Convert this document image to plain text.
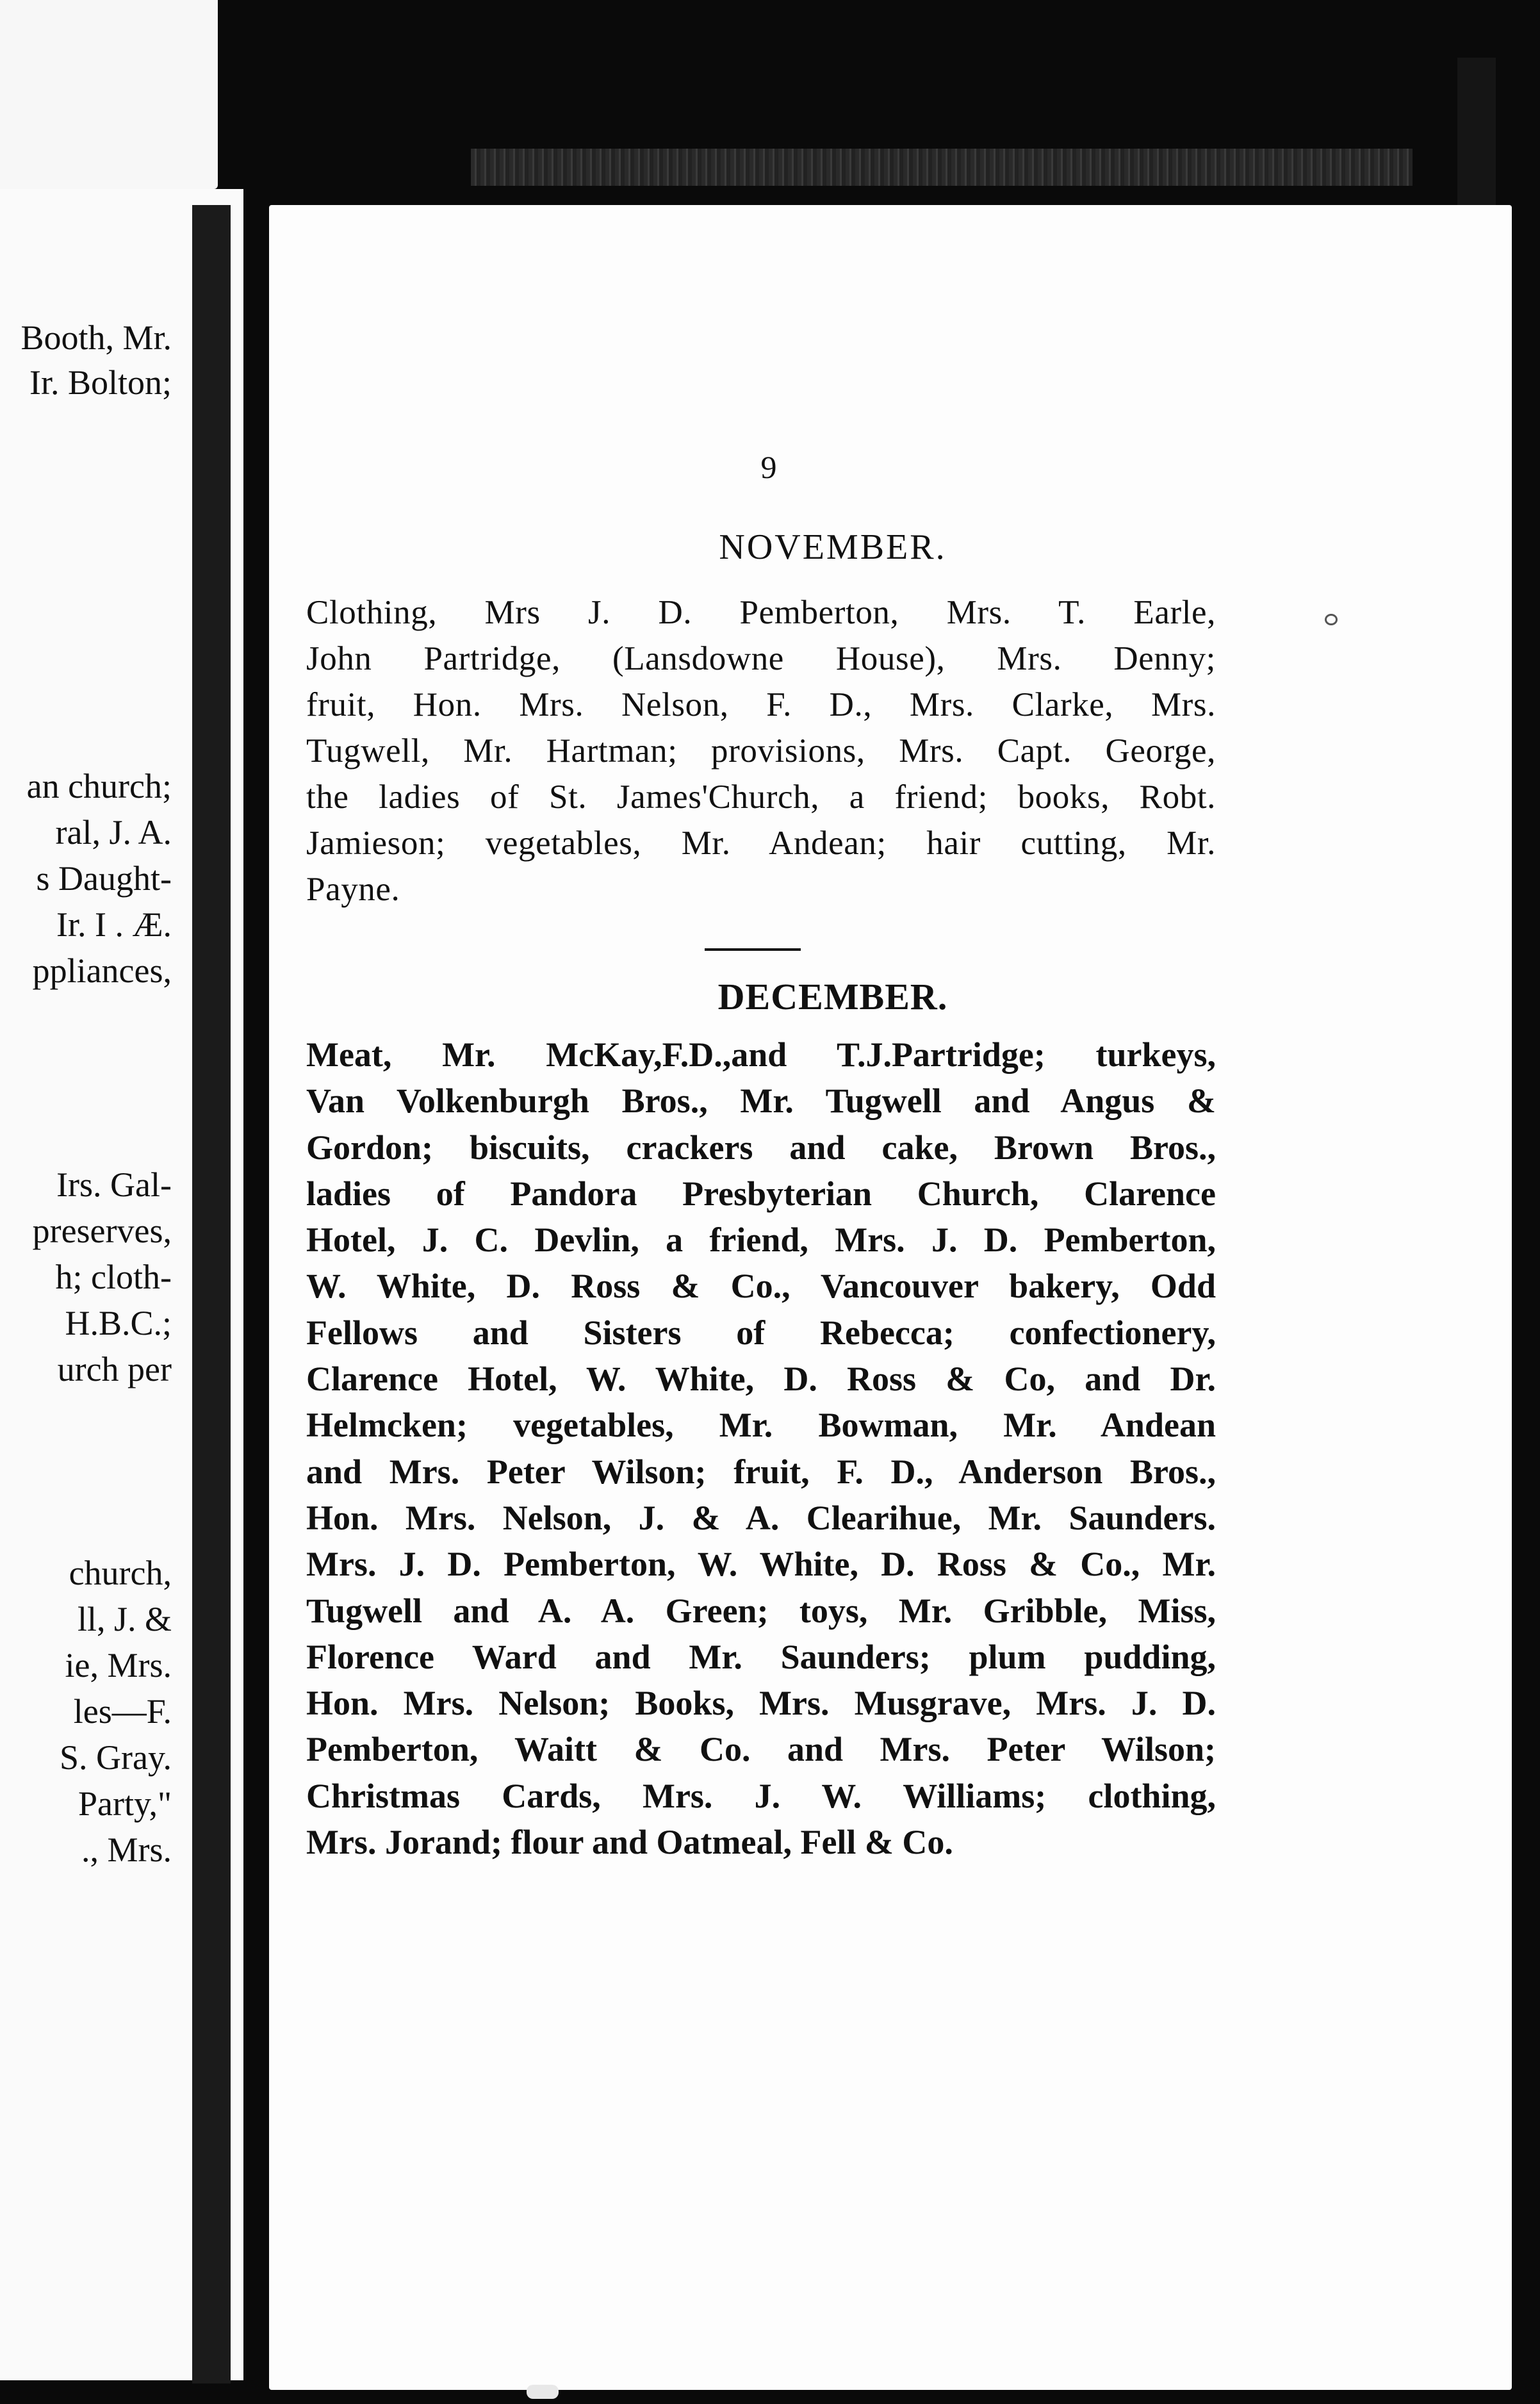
Booth, Mr.
Ir. Bolton;
an church;
ral, J. A.
s Daught-
Ir. I . Æ.
ppliances,
Irs. Gal-
preserves,
h; cloth-
H.B.C.;
urch per
church,
ll, J. &
ie, Mrs.
les—F.
S. Gray.
Party,"
., Mrs.
9
NOVEMBER.
Clothing, Mrs J. D. Pemberton, Mrs. T. Earle,
John Partridge, (Lansdowne House), Mrs. Denny;
fruit, Hon. Mrs. Nelson, F. D., Mrs. Clarke, Mrs.
Tugwell, Mr. Hartman; provisions, Mrs. Capt. George,
the ladies of St. James'Church, a friend; books, Robt.
Jamieson; vegetables, Mr. Andean; hair cutting, Mr.
Payne.
DECEMBER.
Meat, Mr. McKay,F.D.,and T.J.Partridge; turkeys,
Van Volkenburgh Bros., Mr. Tugwell and Angus &
Gordon; biscuits, crackers and cake, Brown Bros.,
ladies of Pandora Presbyterian Church, Clarence
Hotel, J. C. Devlin, a friend, Mrs. J. D. Pemberton,
W. White, D. Ross & Co., Vancouver bakery, Odd
Fellows and Sisters of Rebecca; confectionery,
Clarence Hotel, W. White, D. Ross & Co, and Dr.
Helmcken; vegetables, Mr. Bowman, Mr. Andean
and Mrs. Peter Wilson; fruit, F. D., Anderson Bros.,
Hon. Mrs. Nelson, J. & A. Clearihue, Mr. Saunders.
Mrs. J. D. Pemberton, W. White, D. Ross & Co., Mr.
Tugwell and A. A. Green; toys, Mr. Gribble, Miss,
Florence Ward and Mr. Saunders; plum pudding,
Hon. Mrs. Nelson; Books, Mrs. Musgrave, Mrs. J. D.
Pemberton, Waitt & Co. and Mrs. Peter Wilson;
Christmas Cards, Mrs. J. W. Williams; clothing,
Mrs. Jorand; flour and Oatmeal, Fell & Co.
